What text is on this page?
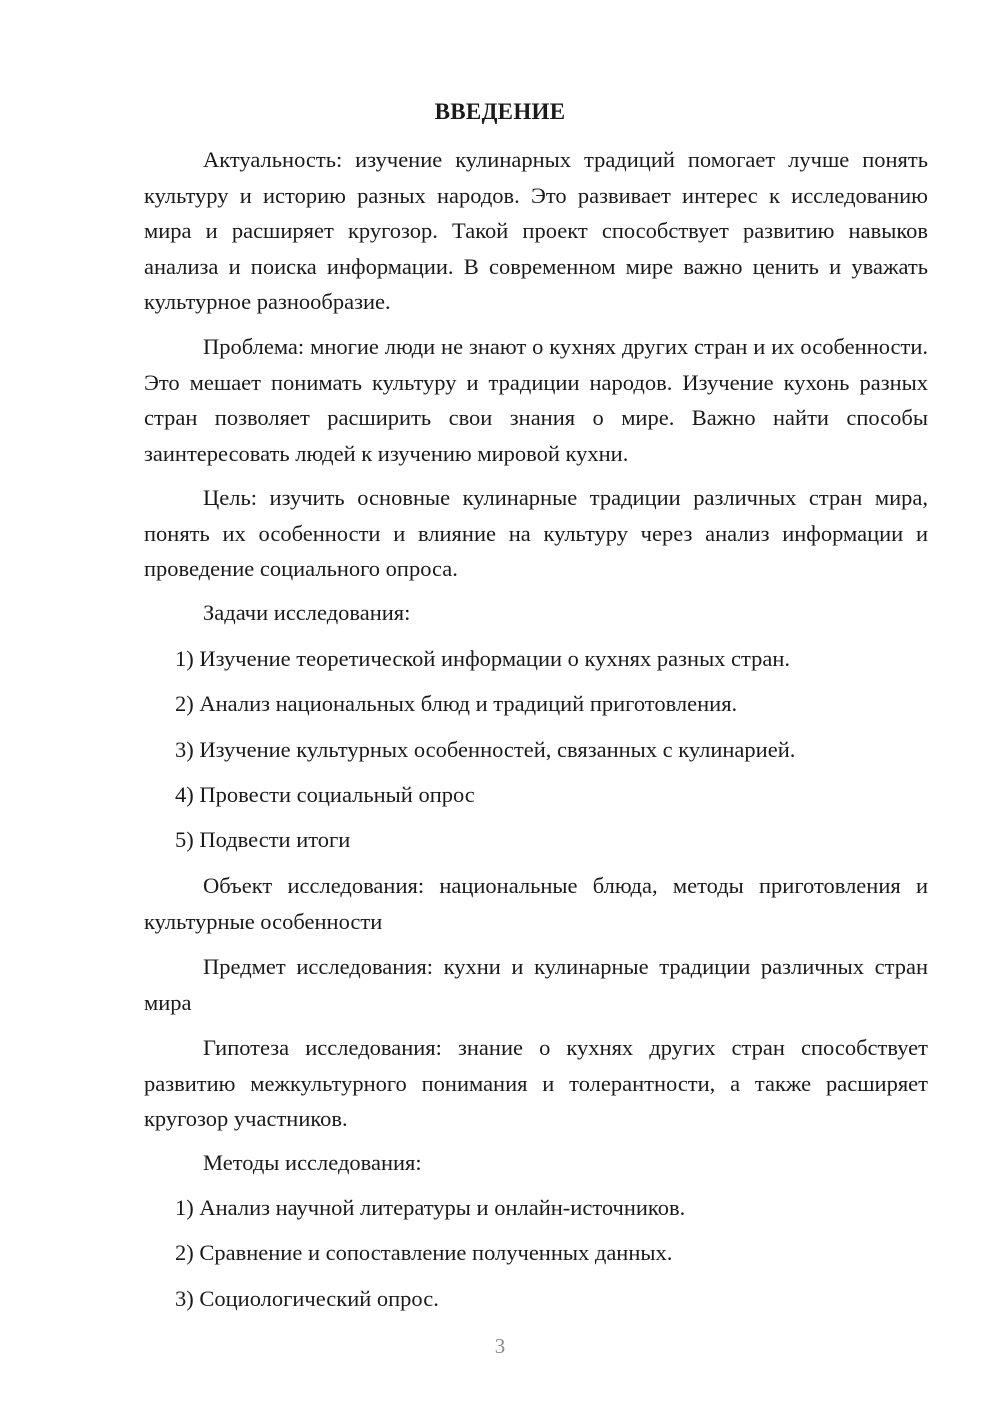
ВВЕДЕНИЕ
Актуальность: изучение кулинарных традиций помогает лучше понять культуру и историю разных народов. Это развивает интерес к исследованию мира и расширяет кругозор. Такой проект способствует развитию навыков анализа и поиска информации. В современном мире важно ценить и уважать культурное разнообразие.
Проблема: многие люди не знают о кухнях других стран и их особенности. Это мешает понимать культуру и традиции народов. Изучение кухонь разных стран позволяет расширить свои знания о мире. Важно найти способы заинтересовать людей к изучению мировой кухни.
Цель: изучить основные кулинарные традиции различных стран мира, понять их особенности и влияние на культуру через анализ информации и проведение социального опроса.
Задачи исследования:
1) Изучение теоретической информации о кухнях разных стран.
2) Анализ национальных блюд и традиций приготовления.
3) Изучение культурных особенностей, связанных с кулинарией.
4) Провести социальный опрос
5) Подвести итоги
Объект исследования: национальные блюда, методы приготовления и культурные особенности
Предмет исследования: кухни и кулинарные традиции различных стран мира
Гипотеза исследования: знание о кухнях других стран способствует развитию межкультурного понимания и толерантности, а также расширяет кругозор участников.
Методы исследования:
1) Анализ научной литературы и онлайн-источников.
2) Сравнение и сопоставление полученных данных.
3) Социологический опрос.
3
